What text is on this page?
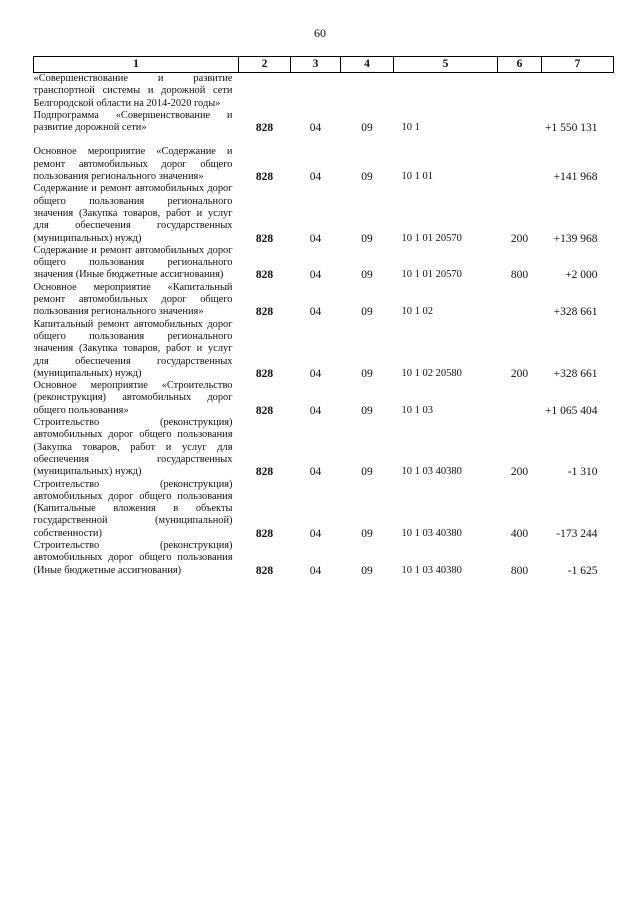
60
1	2	3	4	5	6	7
«Совершенствование и развитие транспортной системы и дорожной сети Белгородской области на 2014-2020 годы»						
Подпрограмма «Совершенствование и развитие дорожной сети»	828	04	09	10 1		+1 550 131

Основное мероприятие «Содержание и ремонт автомобильных дорог общего пользования регионального значения»	828	04	09	10 1 01		+141 968
Содержание и ремонт автомобильных дорог общего пользования регионального значения (Закупка товаров, работ и услуг для обеспечения государственных (муниципальных) нужд)	828	04	09	10 1 01 20570	200	+139 968
Содержание и ремонт автомобильных дорог общего пользования регионального значения (Иные бюджетные ассигнования)	828	04	09	10 1 01 20570	800	+2 000
Основное мероприятие «Капитальный ремонт автомобильных дорог общего пользования регионального значения»	828	04	09	10 1 02		+328 661
Капитальный ремонт автомобильных дорог общего пользования регионального значения (Закупка товаров, работ и услуг для обеспечения государственных (муниципальных) нужд)	828	04	09	10 1 02 20580	200	+328 661
Основное мероприятие «Строительство (реконструкция) автомобильных дорог общего пользования»	828	04	09	10 1 03		+1 065 404
Строительство (реконструкция) автомобильных дорог общего пользования (Закупка товаров, работ и услуг для обеспечения государственных (муниципальных) нужд)	828	04	09	10 1 03 40380	200	-1 310
Строительство (реконструкция) автомобильных дорог общего пользования (Капитальные вложения в объекты государственной (муниципальной) собственности)	828	04	09	10 1 03 40380	400	-173 244
Строительство (реконструкция) автомобильных дорог общего пользования (Иные бюджетные ассигнования)	828	04	09	10 1 03 40380	800	-1 625
